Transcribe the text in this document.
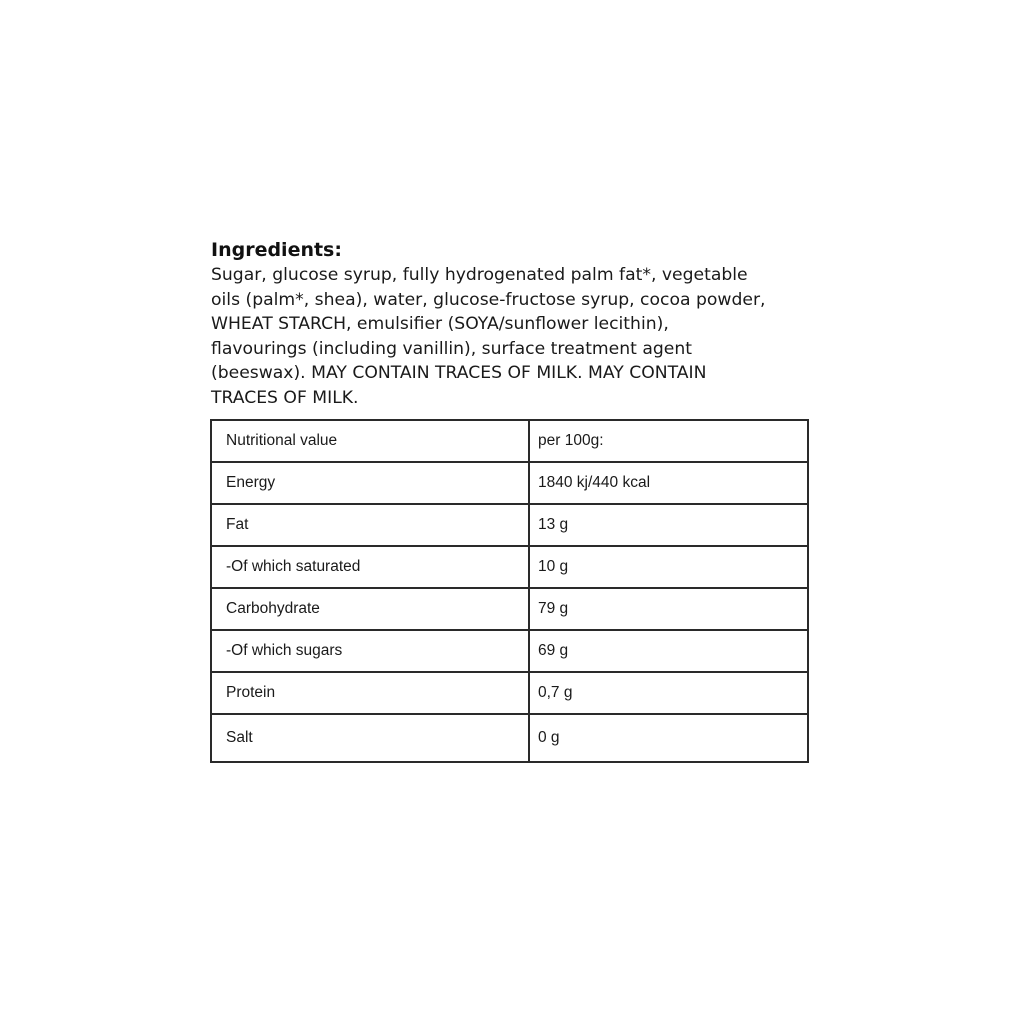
Ingredients:

Sugar, glucose syrup, fully hydrogenated palm fat*, vegetable
oils (palm*, shea), water, glucose-fructose syrup, cocoa powder,
WHEAT STARCH, emulsifier (SOYA/sunflower lecithin),
flavourings (including vanillin), surface treatment agent
(beeswax). MAY CONTAIN TRACES OF MILK. MAY CONTAIN
TRACES OF MILK.

Nutritional value	per 100g:
Energy	1840 kj/440 kcal
Fat	13 g
-Of which saturated	10 g
Carbohydrate	79 g
-Of which sugars	69 g
Protein	0,7 g
Salt	0 g
